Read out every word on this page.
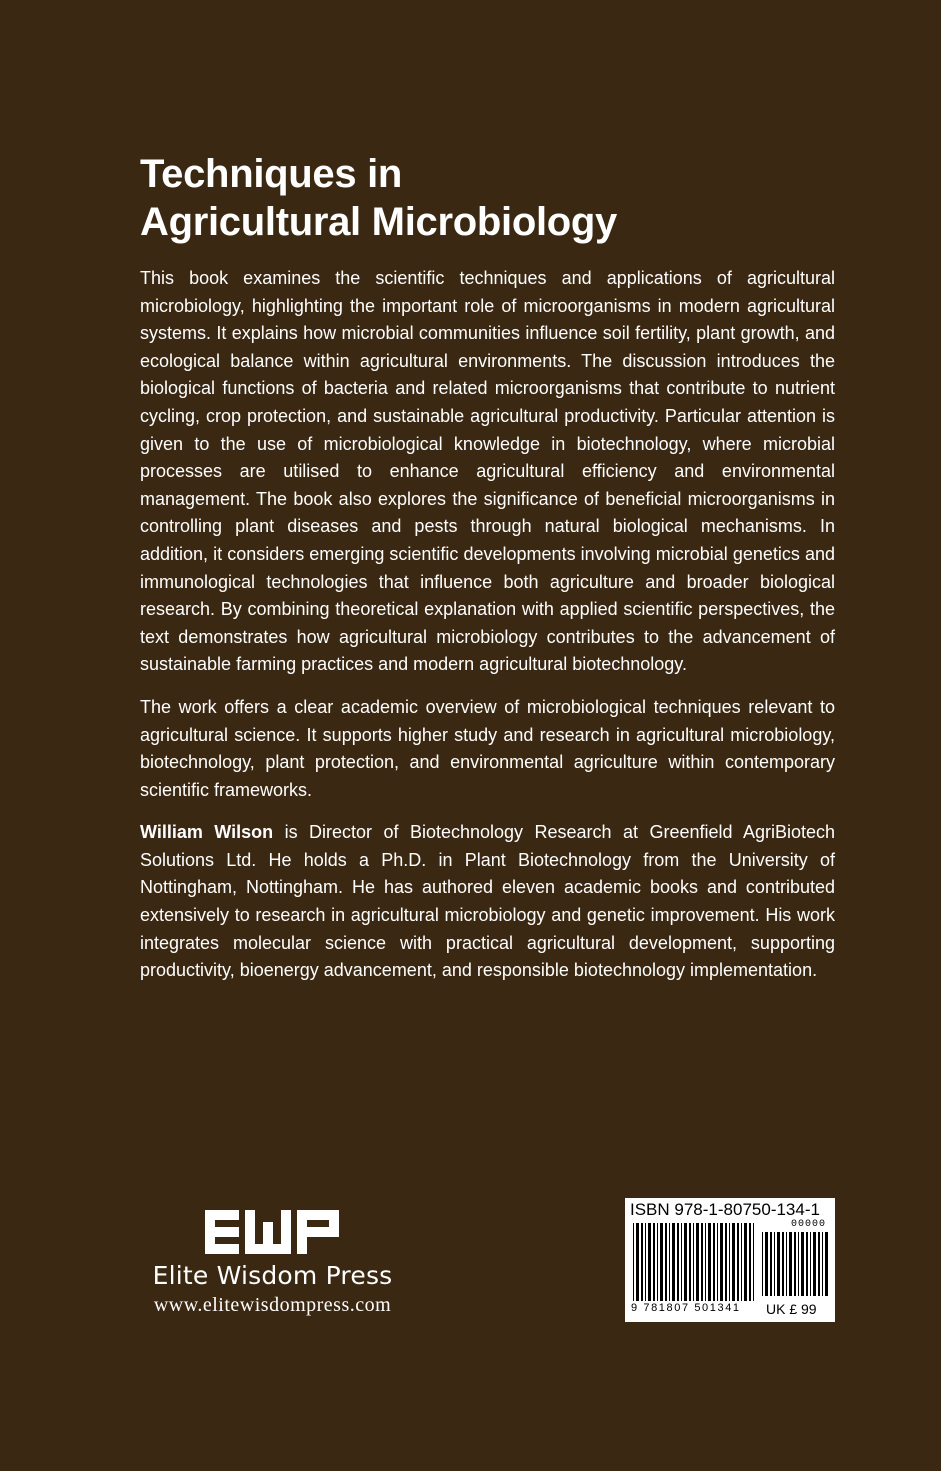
Techniques in
Agricultural Microbiology

This book examines the scientific techniques and applications of agricultural microbiology, highlighting the important role of microorganisms in modern agricultural systems. It explains how microbial communities influence soil fertility, plant growth, and ecological balance within agricultural environments. The discussion introduces the biological functions of bacteria and related microorganisms that contribute to nutrient cycling, crop protection, and sustainable agricultural productivity. Particular attention is given to the use of microbiological knowledge in biotechnology, where microbial processes are utilised to enhance agricultural efficiency and environmental management. The book also explores the significance of beneficial microorganisms in controlling plant diseases and pests through natural biological mechanisms. In addition, it considers emerging scientific developments involving microbial genetics and immunological technologies that influence both agriculture and broader biological research. By combining theoretical explanation with applied scientific perspectives, the text demonstrates how agricultural microbiology contributes to the advancement of sustainable farming practices and modern agricultural biotechnology.

The work offers a clear academic overview of microbiological techniques relevant to agricultural science. It supports higher study and research in agricultural microbiology, biotechnology, plant protection, and environmental agriculture within contemporary scientific frameworks.

William Wilson is Director of Biotechnology Research at Greenfield AgriBiotech Solutions Ltd. He holds a Ph.D. in Plant Biotechnology from the University of Nottingham, Nottingham. He has authored eleven academic books and contributed extensively to research in agricultural microbiology and genetic improvement. His work integrates molecular science with practical agricultural development, supporting productivity, bioenergy advancement, and responsible biotechnology implementation.

Elite Wisdom Press
www.elitewisdompress.com
ISBN 978-1-80750-134-1
00000
9 781807 501341 UK £ 99
